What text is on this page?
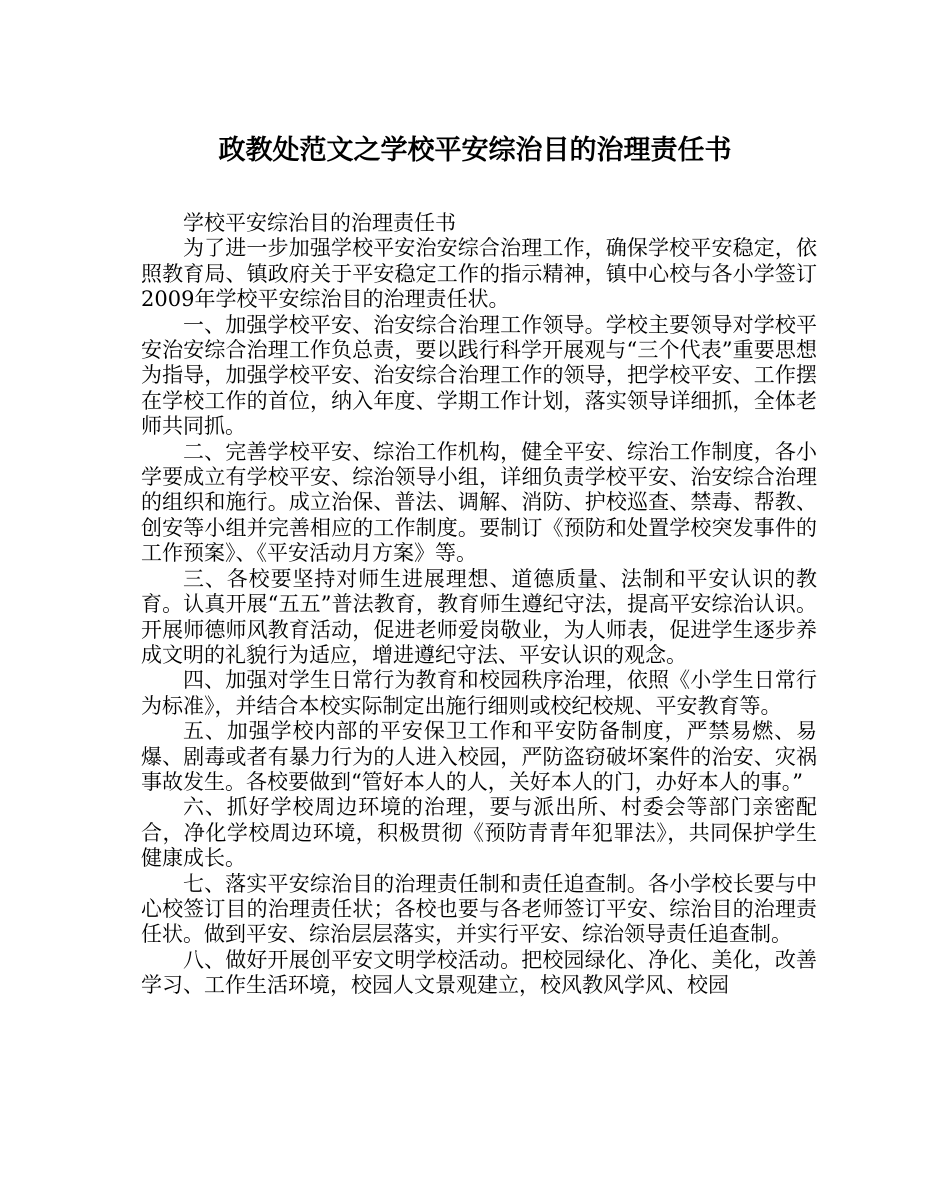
政教处范文之学校平安综治目的治理责任书

学校平安综治目的治理责任书

为了进一步加强学校平安治安综合治理工作，确保学校平安稳定，依照教育局、镇政府关于平安稳定工作的指示精神，镇中心校与各小学签订2009年学校平安综治目的治理责任状。

一、加强学校平安、治安综合治理工作领导。学校主要领导对学校平安治安综合治理工作负总责，要以践行科学开展观与“三个代表”重要思想为指导，加强学校平安、治安综合治理工作的领导，把学校平安、工作摆在学校工作的首位，纳入年度、学期工作计划，落实领导详细抓，全体老师共同抓。

二、完善学校平安、综治工作机构，健全平安、综治工作制度，各小学要成立有学校平安、综治领导小组，详细负责学校平安、治安综合治理的组织和施行。成立治保、普法、调解、消防、护校巡查、禁毒、帮教、创安等小组并完善相应的工作制度。要制订《预防和处置学校突发事件的工作预案》、《平安活动月方案》等。

三、各校要坚持对师生进展理想、道德质量、法制和平安认识的教育。认真开展“五五”普法教育，教育师生遵纪守法，提高平安综治认识。开展师德师风教育活动，促进老师爱岗敬业，为人师表，促进学生逐步养成文明的礼貌行为适应，增进遵纪守法、平安认识的观念。

四、加强对学生日常行为教育和校园秩序治理，依照《小学生日常行为标准》，并结合本校实际制定出施行细则或校纪校规、平安教育等。

五、加强学校内部的平安保卫工作和平安防备制度，严禁易燃、易爆、剧毒或者有暴力行为的人进入校园，严防盗窃破坏案件的治安、灾祸事故发生。各校要做到“管好本人的人，关好本人的门，办好本人的事。”

六、抓好学校周边环境的治理，要与派出所、村委会等部门亲密配合，净化学校周边环境，积极贯彻《预防青青年犯罪法》，共同保护学生健康成长。

七、落实平安综治目的治理责任制和责任追查制。各小学校长要与中心校签订目的治理责任状；各校也要与各老师签订平安、综治目的治理责任状。做到平安、综治层层落实，并实行平安、综治领导责任追查制。

八、做好开展创平安文明学校活动。把校园绿化、净化、美化，改善学习、工作生活环境，校园人文景观建立，校风教风学风、校园
